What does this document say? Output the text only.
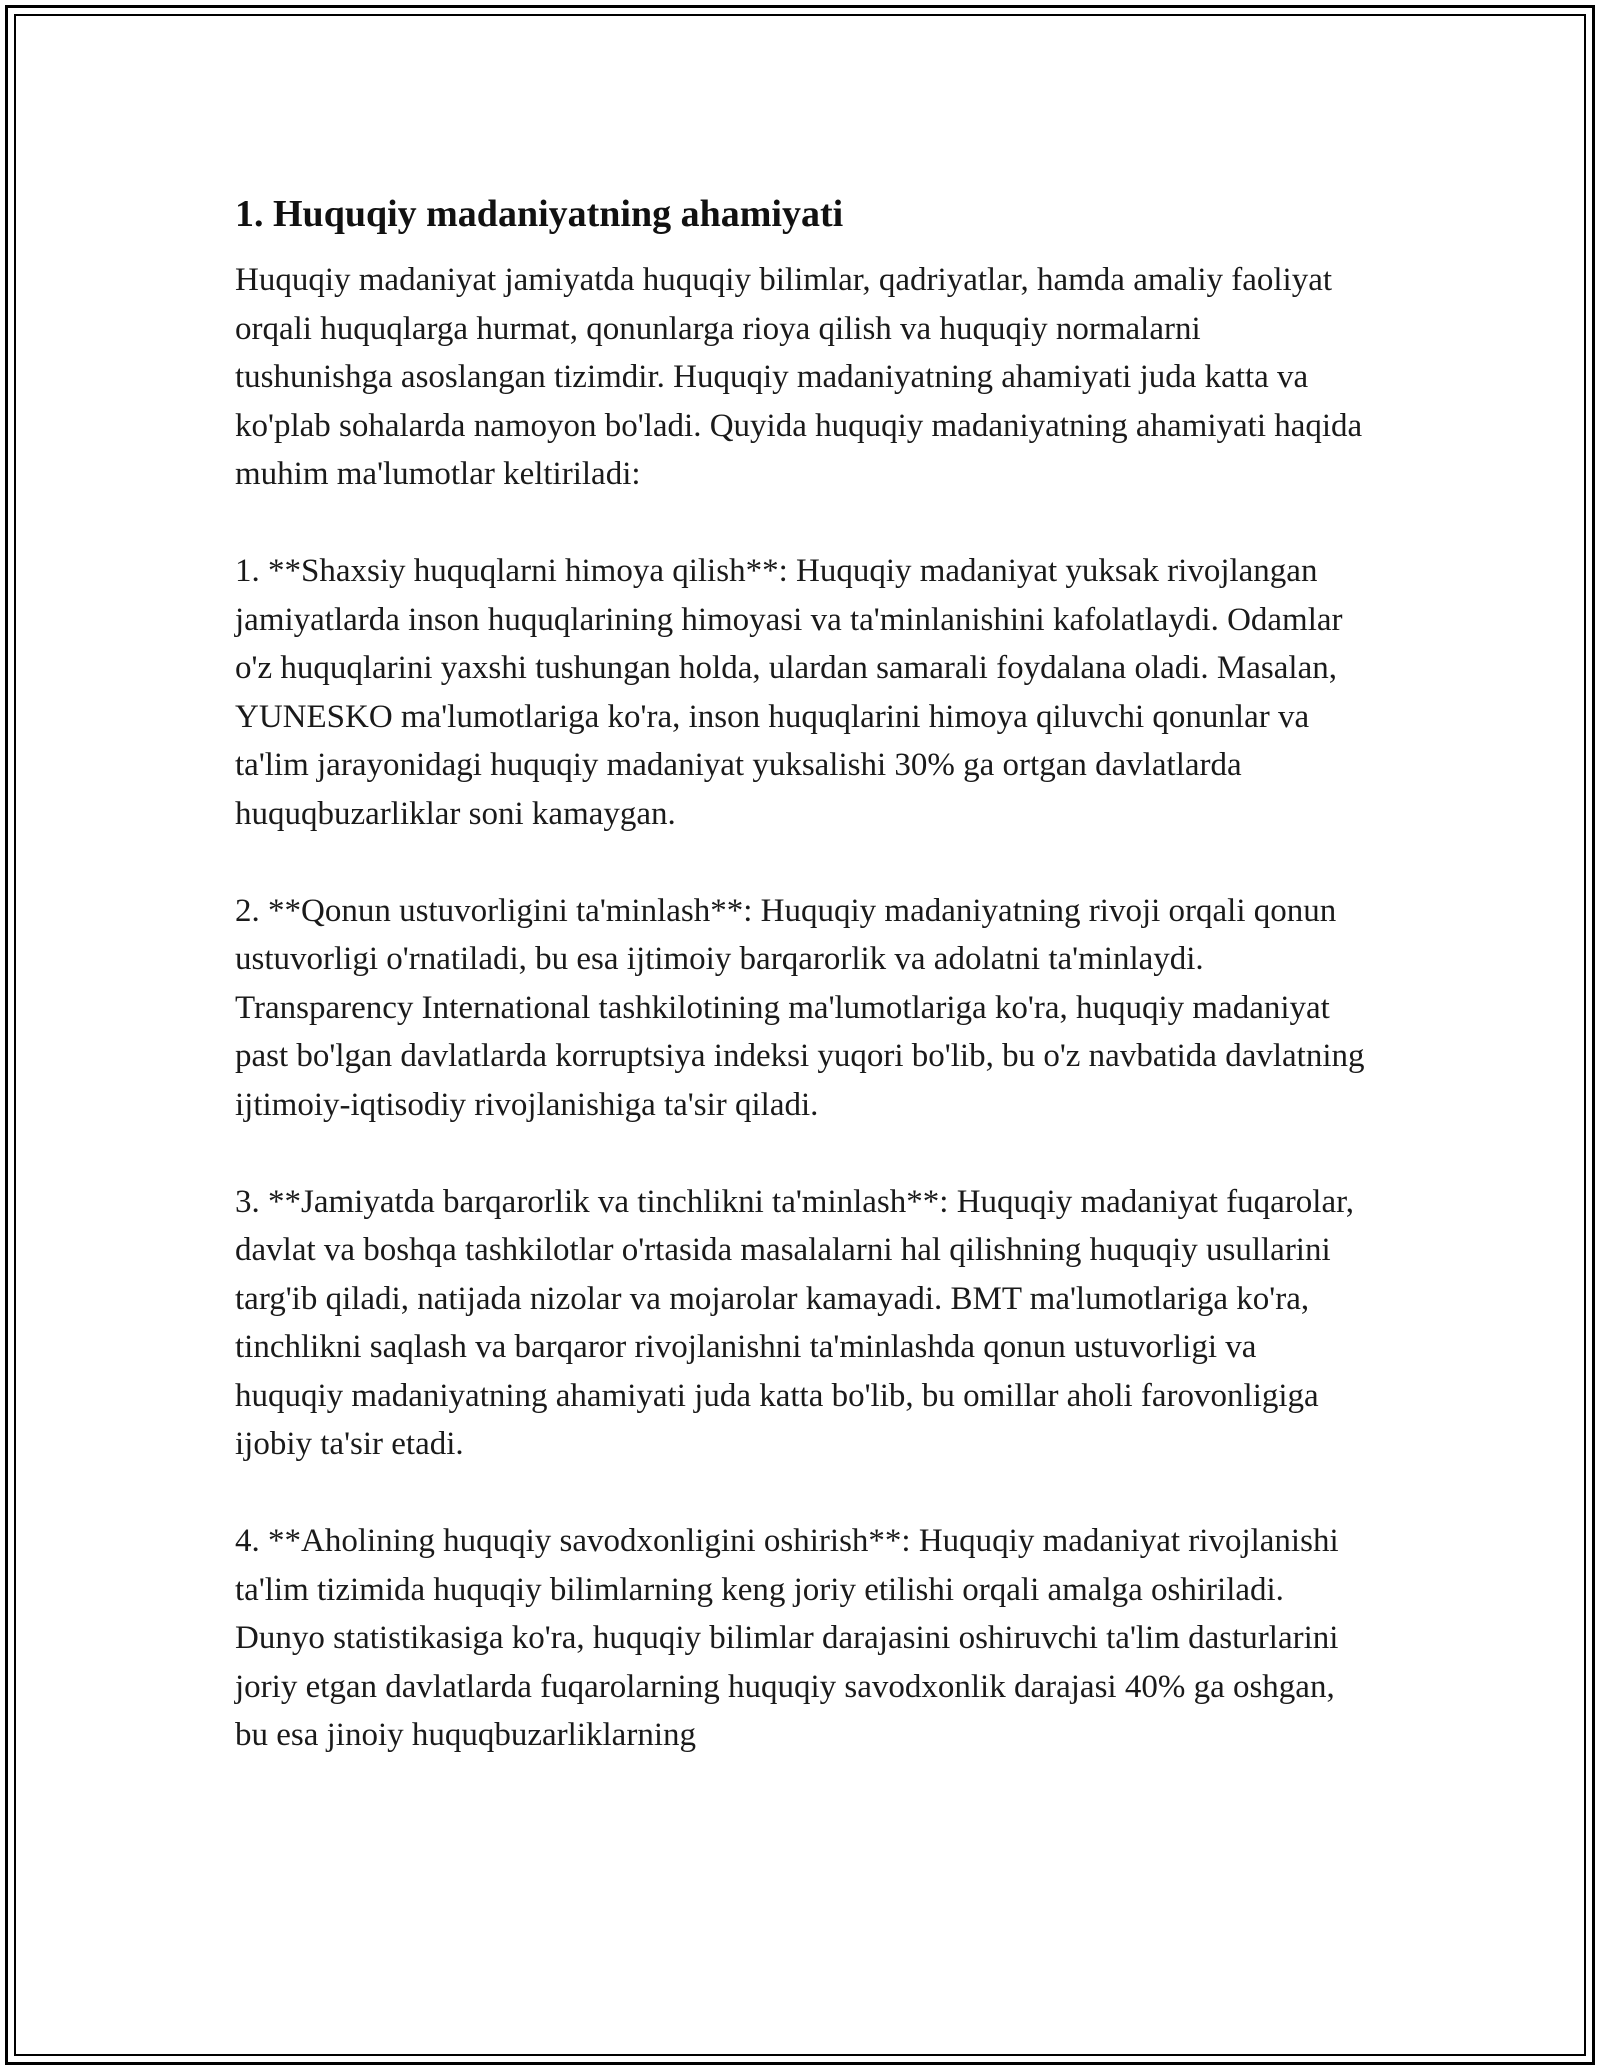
1. Huquqiy madaniyatning ahamiyati

Huquqiy madaniyat jamiyatda huquqiy bilimlar, qadriyatlar, hamda amaliy faoliyat orqali huquqlarga hurmat, qonunlarga rioya qilish va huquqiy normalarni tushunishga asoslangan tizimdir. Huquqiy madaniyatning ahamiyati juda katta va ko'plab sohalarda namoyon bo'ladi. Quyida huquqiy madaniyatning ahamiyati haqida muhim ma'lumotlar keltiriladi:

1. **Shaxsiy huquqlarni himoya qilish**: Huquqiy madaniyat yuksak rivojlangan jamiyatlarda inson huquqlarining himoyasi va ta'minlanishini kafolatlaydi. Odamlar o'z huquqlarini yaxshi tushungan holda, ulardan samarali foydalana oladi. Masalan, YUNESKO ma'lumotlariga ko'ra, inson huquqlarini himoya qiluvchi qonunlar va ta'lim jarayonidagi huquqiy madaniyat yuksalishi 30% ga ortgan davlatlarda huquqbuzarliklar soni kamaygan.

2. **Qonun ustuvorligini ta'minlash**: Huquqiy madaniyatning rivoji orqali qonun ustuvorligi o'rnatiladi, bu esa ijtimoiy barqarorlik va adolatni ta'minlaydi. Transparency International tashkilotining ma'lumotlariga ko'ra, huquqiy madaniyat past bo'lgan davlatlarda korruptsiya indeksi yuqori bo'lib, bu o'z navbatida davlatning ijtimoiy-iqtisodiy rivojlanishiga ta'sir qiladi.

3. **Jamiyatda barqarorlik va tinchlikni ta'minlash**: Huquqiy madaniyat fuqarolar, davlat va boshqa tashkilotlar o'rtasida masalalarni hal qilishning huquqiy usullarini targ'ib qiladi, natijada nizolar va mojarolar kamayadi. BMT ma'lumotlariga ko'ra, tinchlikni saqlash va barqaror rivojlanishni ta'minlashda qonun ustuvorligi va huquqiy madaniyatning ahamiyati juda katta bo'lib, bu omillar aholi farovonligiga ijobiy ta'sir etadi.

4. **Aholining huquqiy savodxonligini oshirish**: Huquqiy madaniyat rivojlanishi ta'lim tizimida huquqiy bilimlarning keng joriy etilishi orqali amalga oshiriladi. Dunyo statistikasiga ko'ra, huquqiy bilimlar darajasini oshiruvchi ta'lim dasturlarini joriy etgan davlatlarda fuqarolarning huquqiy savodxonlik darajasi 40% ga oshgan, bu esa jinoiy huquqbuzarliklarning
